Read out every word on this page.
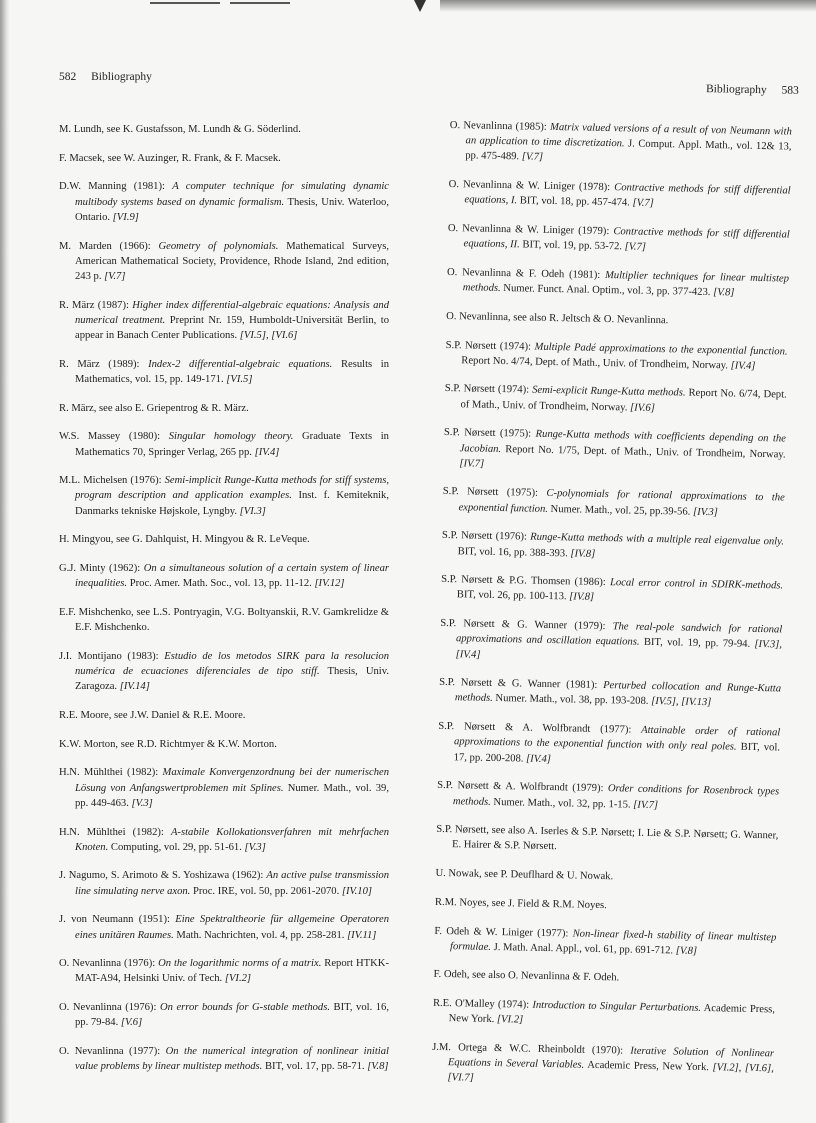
582 Bibliography
Bibliography 583

M. Lundh, see K. Gustafsson, M. Lundh & G. Söderlind.

F. Macsek, see W. Auzinger, R. Frank, & F. Macsek.

D.W. Manning (1981): A computer technique for simulating dynamic multibody systems based on dynamic formalism. Thesis, Univ. Waterloo, Ontario. [VI.9]

M. Marden (1966): Geometry of polynomials. Mathematical Surveys, American Mathematical Society, Providence, Rhode Island, 2nd edition, 243 p. [V.7]

R. März (1987): Higher index differential-algebraic equations: Analysis and numerical treatment. Preprint Nr. 159, Humboldt-Universität Berlin, to appear in Banach Center Publications. [VI.5], [VI.6]

R. März (1989): Index-2 differential-algebraic equations. Results in Mathematics, vol. 15, pp. 149-171. [VI.5]

R. März, see also E. Griepentrog & R. März.

W.S. Massey (1980): Singular homology theory. Graduate Texts in Mathematics 70, Springer Verlag, 265 pp. [IV.4]

M.L. Michelsen (1976): Semi-implicit Runge-Kutta methods for stiff systems, program description and application examples. Inst. f. Kemiteknik, Danmarks tekniske Højskole, Lyngby. [VI.3]

H. Mingyou, see G. Dahlquist, H. Mingyou & R. LeVeque.

G.J. Minty (1962): On a simultaneous solution of a certain system of linear inequalities. Proc. Amer. Math. Soc., vol. 13, pp. 11-12. [IV.12]

E.F. Mishchenko, see L.S. Pontryagin, V.G. Boltyanskii, R.V. Gamkrelidze & E.F. Mishchenko.

J.I. Montijano (1983): Estudio de los metodos SIRK para la resolucion numérica de ecuaciones diferenciales de tipo stiff. Thesis, Univ. Zaragoza. [IV.14]

R.E. Moore, see J.W. Daniel & R.E. Moore.

K.W. Morton, see R.D. Richtmyer & K.W. Morton.

H.N. Mühlthei (1982): Maximale Konvergenzordnung bei der numerischen Lösung von Anfangswertproblemen mit Splines. Numer. Math., vol. 39, pp. 449-463. [V.3]

H.N. Mühlthei (1982): A-stabile Kollokationsverfahren mit mehrfachen Knoten. Computing, vol. 29, pp. 51-61. [V.3]

J. Nagumo, S. Arimoto & S. Yoshizawa (1962): An active pulse transmission line simulating nerve axon. Proc. IRE, vol. 50, pp. 2061-2070. [IV.10]

J. von Neumann (1951): Eine Spektraltheorie für allgemeine Operatoren eines unitären Raumes. Math. Nachrichten, vol. 4, pp. 258-281. [IV.11]

O. Nevanlinna (1976): On the logarithmic norms of a matrix. Report HTKK-MAT-A94, Helsinki Univ. of Tech. [VI.2]

O. Nevanlinna (1976): On error bounds for G-stable methods. BIT, vol. 16, pp. 79-84. [V.6]

O. Nevanlinna (1977): On the numerical integration of nonlinear initial value problems by linear multistep methods. BIT, vol. 17, pp. 58-71. [V.8]

O. Nevanlinna (1985): Matrix valued versions of a result of von Neumann with an application to time discretization. J. Comput. Appl. Math., vol. 12& 13, pp. 475-489. [V.7]

O. Nevanlinna & W. Liniger (1978): Contractive methods for stiff differential equations, I. BIT, vol. 18, pp. 457-474. [V.7]

O. Nevanlinna & W. Liniger (1979): Contractive methods for stiff differential equations, II. BIT, vol. 19, pp. 53-72. [V.7]

O. Nevanlinna & F. Odeh (1981): Multiplier techniques for linear multistep methods. Numer. Funct. Anal. Optim., vol. 3, pp. 377-423. [V.8]

O. Nevanlinna, see also R. Jeltsch & O. Nevanlinna.

S.P. Nørsett (1974): Multiple Padé approximations to the exponential function. Report No. 4/74, Dept. of Math., Univ. of Trondheim, Norway. [IV.4]

S.P. Nørsett (1974): Semi-explicit Runge-Kutta methods. Report No. 6/74, Dept. of Math., Univ. of Trondheim, Norway. [IV.6]

S.P. Nørsett (1975): Runge-Kutta methods with coefficients depending on the Jacobian. Report No. 1/75, Dept. of Math., Univ. of Trondheim, Norway. [IV.7]

S.P. Nørsett (1975): C-polynomials for rational approximations to the exponential function. Numer. Math., vol. 25, pp.39-56. [IV.3]

S.P. Nørsett (1976): Runge-Kutta methods with a multiple real eigenvalue only. BIT, vol. 16, pp. 388-393. [IV.8]

S.P. Nørsett & P.G. Thomsen (1986): Local error control in SDIRK-methods. BIT, vol. 26, pp. 100-113. [IV.8]

S.P. Nørsett & G. Wanner (1979): The real-pole sandwich for rational approximations and oscillation equations. BIT, vol. 19, pp. 79-94. [IV.3], [IV.4]

S.P. Nørsett & G. Wanner (1981): Perturbed collocation and Runge-Kutta methods. Numer. Math., vol. 38, pp. 193-208. [IV.5], [IV.13]

S.P. Nørsett & A. Wolfbrandt (1977): Attainable order of rational approximations to the exponential function with only real poles. BIT, vol. 17, pp. 200-208. [IV.4]

S.P. Nørsett & A. Wolfbrandt (1979): Order conditions for Rosenbrock types methods. Numer. Math., vol. 32, pp. 1-15. [IV.7]

S.P. Nørsett, see also A. Iserles & S.P. Nørsett; I. Lie & S.P. Nørsett; G. Wanner, E. Hairer & S.P. Nørsett.

U. Nowak, see P. Deuflhard & U. Nowak.

R.M. Noyes, see J. Field & R.M. Noyes.

F. Odeh & W. Liniger (1977): Non-linear fixed-h stability of linear multistep formulae. J. Math. Anal. Appl., vol. 61, pp. 691-712. [V.8]

F. Odeh, see also O. Nevanlinna & F. Odeh.

R.E. O'Malley (1974): Introduction to Singular Perturbations. Academic Press, New York. [VI.2]

J.M. Ortega & W.C. Rheinboldt (1970): Iterative Solution of Nonlinear Equations in Several Variables. Academic Press, New York. [VI.2], [VI.6], [VI.7]
